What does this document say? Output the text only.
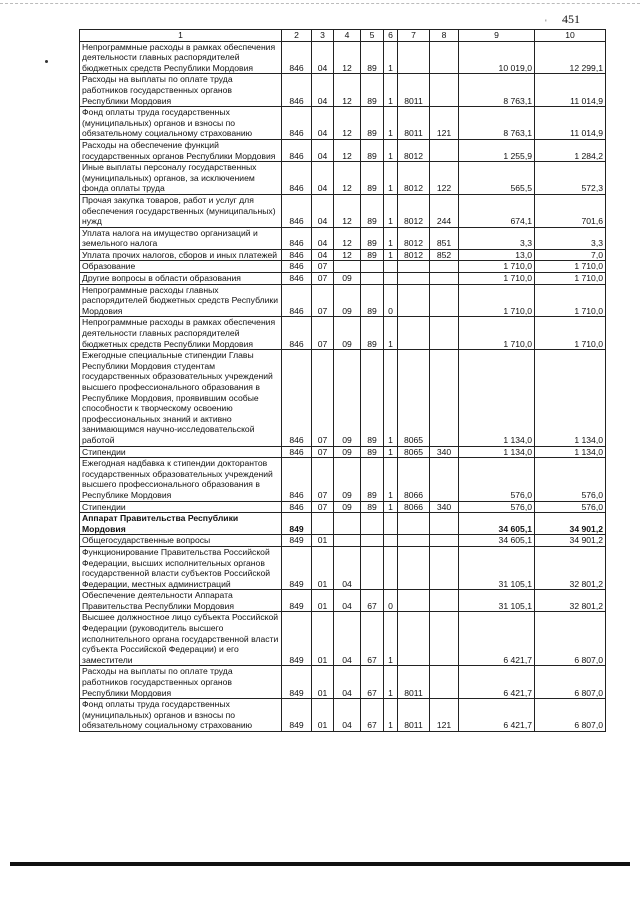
ʹ 451
1	2	3	4	5	6	7	8	9	10
Непрограммные расходы в рамках обеспечения деятельности главных распорядителей бюджетных средств Республики Мордовия	846	04	12	89	1			10 019,0	12 299,1
Расходы на выплаты по оплате труда работников государственных органов Республики Мордовия	846	04	12	89	1	8011		8 763,1	11 014,9
Фонд оплаты труда государственных (муниципальных) органов и взносы по обязательному социальному страхованию	846	04	12	89	1	8011	121	8 763,1	11 014,9
Расходы на обеспечение функций государственных органов Республики Мордовия	846	04	12	89	1	8012		1 255,9	1 284,2
Иные выплаты персоналу государственных (муниципальных) органов, за исключением фонда оплаты труда	846	04	12	89	1	8012	122	565,5	572,3
Прочая закупка товаров, работ и услуг для обеспечения государственных (муниципальных) нужд	846	04	12	89	1	8012	244	674,1	701,6
Уплата налога на имущество организаций и земельного налога	846	04	12	89	1	8012	851	3,3	3,3
Уплата прочих налогов, сборов и иных платежей	846	04	12	89	1	8012	852	13,0	7,0
Образование	846	07						1 710,0	1 710,0
Другие вопросы в области образования	846	07	09					1 710,0	1 710,0
Непрограммные расходы главных распорядителей бюджетных средств Республики Мордовия	846	07	09	89	0			1 710,0	1 710,0
Непрограммные расходы в рамках обеспечения деятельности главных распорядителей бюджетных средств Республики Мордовия	846	07	09	89	1			1 710,0	1 710,0
Ежегодные специальные стипендии Главы Республики Мордовия студентам государственных образовательных учреждений высшего профессионального образования в Республике Мордовия, проявившим особые способности к творческому освоению профессиональных знаний и активно занимающимся научно-исследовательской работой	846	07	09	89	1	8065		1 134,0	1 134,0
Стипендии	846	07	09	89	1	8065	340	1 134,0	1 134,0
Ежегодная надбавка к стипендии докторантов государственных образовательных учреждений высшего профессионального образования в Республике Мордовия	846	07	09	89	1	8066		576,0	576,0
Стипендии	846	07	09	89	1	8066	340	576,0	576,0
Аппарат Правительства Республики Мордовия	849							34 605,1	34 901,2
Общегосударственные вопросы	849	01						34 605,1	34 901,2
Функционирование Правительства Российской Федерации, высших исполнительных органов государственной власти субъектов Российской Федерации, местных администраций	849	01	04					31 105,1	32 801,2
Обеспечение деятельности Аппарата Правительства Республики Мордовия	849	01	04	67	0			31 105,1	32 801,2
Высшее должностное лицо субъекта Российской Федерации (руководитель высшего исполнительного органа государственной власти субъекта Российской Федерации) и его заместители	849	01	04	67	1			6 421,7	6 807,0
Расходы на выплаты по оплате труда работников государственных органов Республики Мордовия	849	01	04	67	1	8011		6 421,7	6 807,0
Фонд оплаты труда государственных (муниципальных) органов и взносы по обязательному социальному страхованию	849	01	04	67	1	8011	121	6 421,7	6 807,0
